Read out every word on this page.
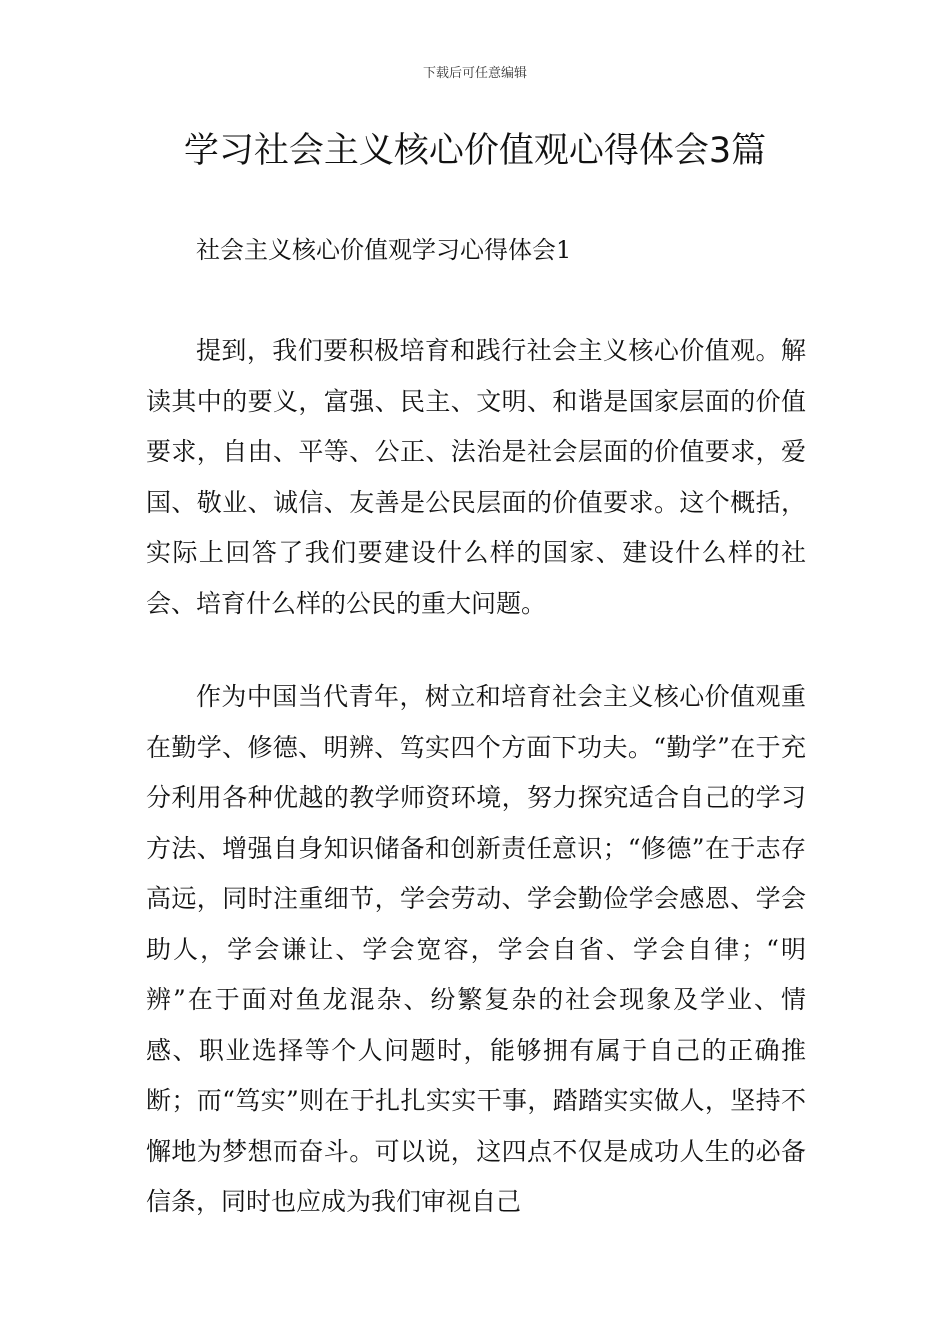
下载后可任意编辑
学习社会主义核心价值观心得体会3篇

社会主义核心价值观学习心得体会1

提到，我们要积极培育和践行社会主义核心价值观。解读其中的要义，富强、民主、文明、和谐是国家层面的价值要求，自由、平等、公正、法治是社会层面的价值要求，爱国、敬业、诚信、友善是公民层面的价值要求。这个概括，实际上回答了我们要建设什么样的国家、建设什么样的社会、培育什么样的公民的重大问题。

作为中国当代青年，树立和培育社会主义核心价值观重在勤学、修德、明辨、笃实四个方面下功夫。“勤学”在于充分利用各种优越的教学师资环境，努力探究适合自己的学习方法、增强自身知识储备和创新责任意识；“修德”在于志存高远，同时注重细节，学会劳动、学会勤俭学会感恩、学会助人，学会谦让、学会宽容，学会自省、学会自律；“明辨”在于面对鱼龙混杂、纷繁复杂的社会现象及学业、情感、职业选择等个人问题时，能够拥有属于自己的正确推断；而“笃实”则在于扎扎实实干事，踏踏实实做人，坚持不懈地为梦想而奋斗。可以说，这四点不仅是成功人生的必备信条，同时也应成为我们审视自己
